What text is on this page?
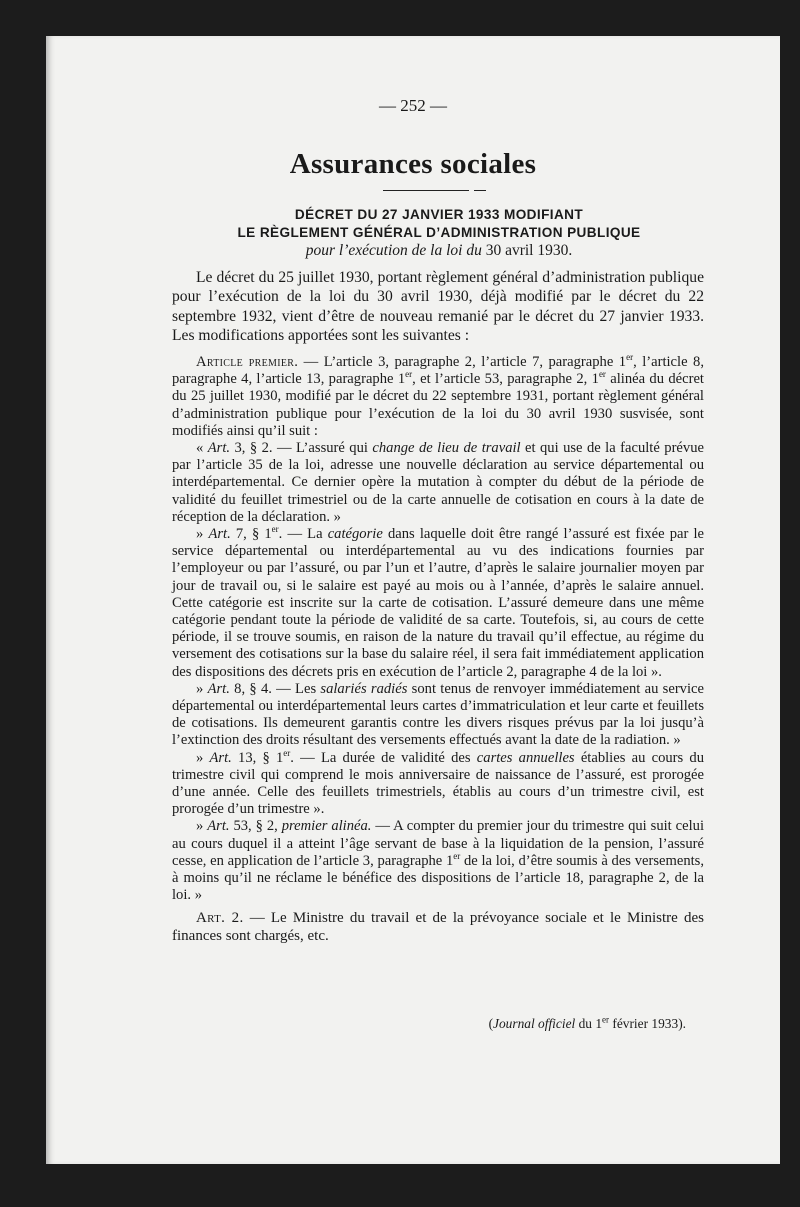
— 252 —
Assurances sociales
DÉCRET DU 27 JANVIER 1933 MODIFIANT
LE RÈGLEMENT GÉNÉRAL D’ADMINISTRATION PUBLIQUE
pour l’exécution de la loi du 30 avril 1930.
Le décret du 25 juillet 1930, portant règlement général d’administration publique pour l’exécution de la loi du 30 avril 1930, déjà modifié par le décret du 22 septembre 1932, vient d’être de nouveau remanié par le décret du 27 janvier 1933. Les modifications apportées sont les suivantes :

Article premier. — L’article 3, paragraphe 2, l’article 7, paragraphe 1er, l’article 8, paragraphe 4, l’article 13, paragraphe 1er, et l’article 53, paragraphe 2, 1er alinéa du décret du 25 juillet 1930, modifié par le décret du 22 septembre 1931, portant règlement général d’administration publique pour l’exécution de la loi du 30 avril 1930 susvisée, sont modifiés ainsi qu’il suit :

« Art. 3, § 2. — L’assuré qui change de lieu de travail et qui use de la faculté prévue par l’article 35 de la loi, adresse une nouvelle déclaration au service départemental ou interdépartemental. Ce dernier opère la mutation à compter du début de la période de validité du feuillet trimestriel ou de la carte annuelle de cotisation en cours à la date de réception de la déclaration. »

» Art. 7, § 1er. — La catégorie dans laquelle doit être rangé l’assuré est fixée par le service départemental ou interdépartemental au vu des indications fournies par l’employeur ou par l’assuré, ou par l’un et l’autre, d’après le salaire journalier moyen par jour de travail ou, si le salaire est payé au mois ou à l’année, d’après le salaire annuel. Cette catégorie est inscrite sur la carte de cotisation. L’assuré demeure dans une même catégorie pendant toute la période de validité de sa carte. Toutefois, si, au cours de cette période, il se trouve soumis, en raison de la nature du travail qu’il effectue, au régime du versement des cotisations sur la base du salaire réel, il sera fait immédiatement application des dispositions des décrets pris en exécution de l’article 2, paragraphe 4 de la loi ».

» Art. 8, § 4. — Les salariés radiés sont tenus de renvoyer immédiatement au service départemental ou interdépartemental leurs cartes d’immatriculation et leur carte et feuillets de cotisations. Ils demeurent garantis contre les divers risques prévus par la loi jusqu’à l’extinction des droits résultant des versements effectués avant la date de la radiation. »

» Art. 13, § 1er. — La durée de validité des cartes annuelles établies au cours du trimestre civil qui comprend le mois anniversaire de naissance de l’assuré, est prorogée d’une année. Celle des feuillets trimestriels, établis au cours d’un trimestre civil, est prorogée d’un trimestre ».

» Art. 53, § 2, premier alinéa. — A compter du premier jour du trimestre qui suit celui au cours duquel il a atteint l’âge servant de base à la liquidation de la pension, l’assuré cesse, en application de l’article 3, paragraphe 1er de la loi, d’être soumis à des versements, à moins qu’il ne réclame le bénéfice des dispositions de l’article 18, paragraphe 2, de la loi. »

Art. 2. — Le Ministre du travail et de la prévoyance sociale et le Ministre des finances sont chargés, etc.

(Journal officiel du 1er février 1933).
